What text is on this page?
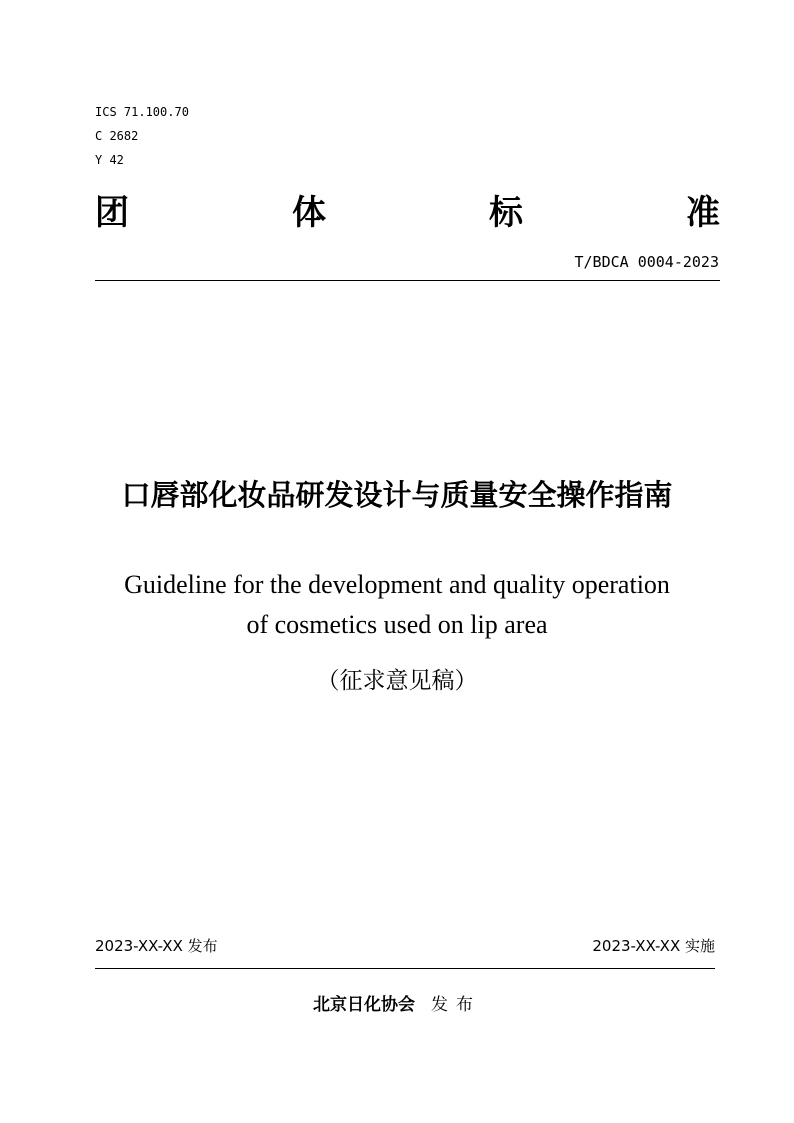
ICS 71.100.70
C 2682
Y 42
团	体	标	准
T/BDCA 0004-2023
口唇部化妆品研发设计与质量安全操作指南
Guideline for the development and quality operation
of cosmetics used on lip area
（征求意见稿）
2023-XX-XX 发布	2023-XX-XX 实施
北京日化协会 发布
